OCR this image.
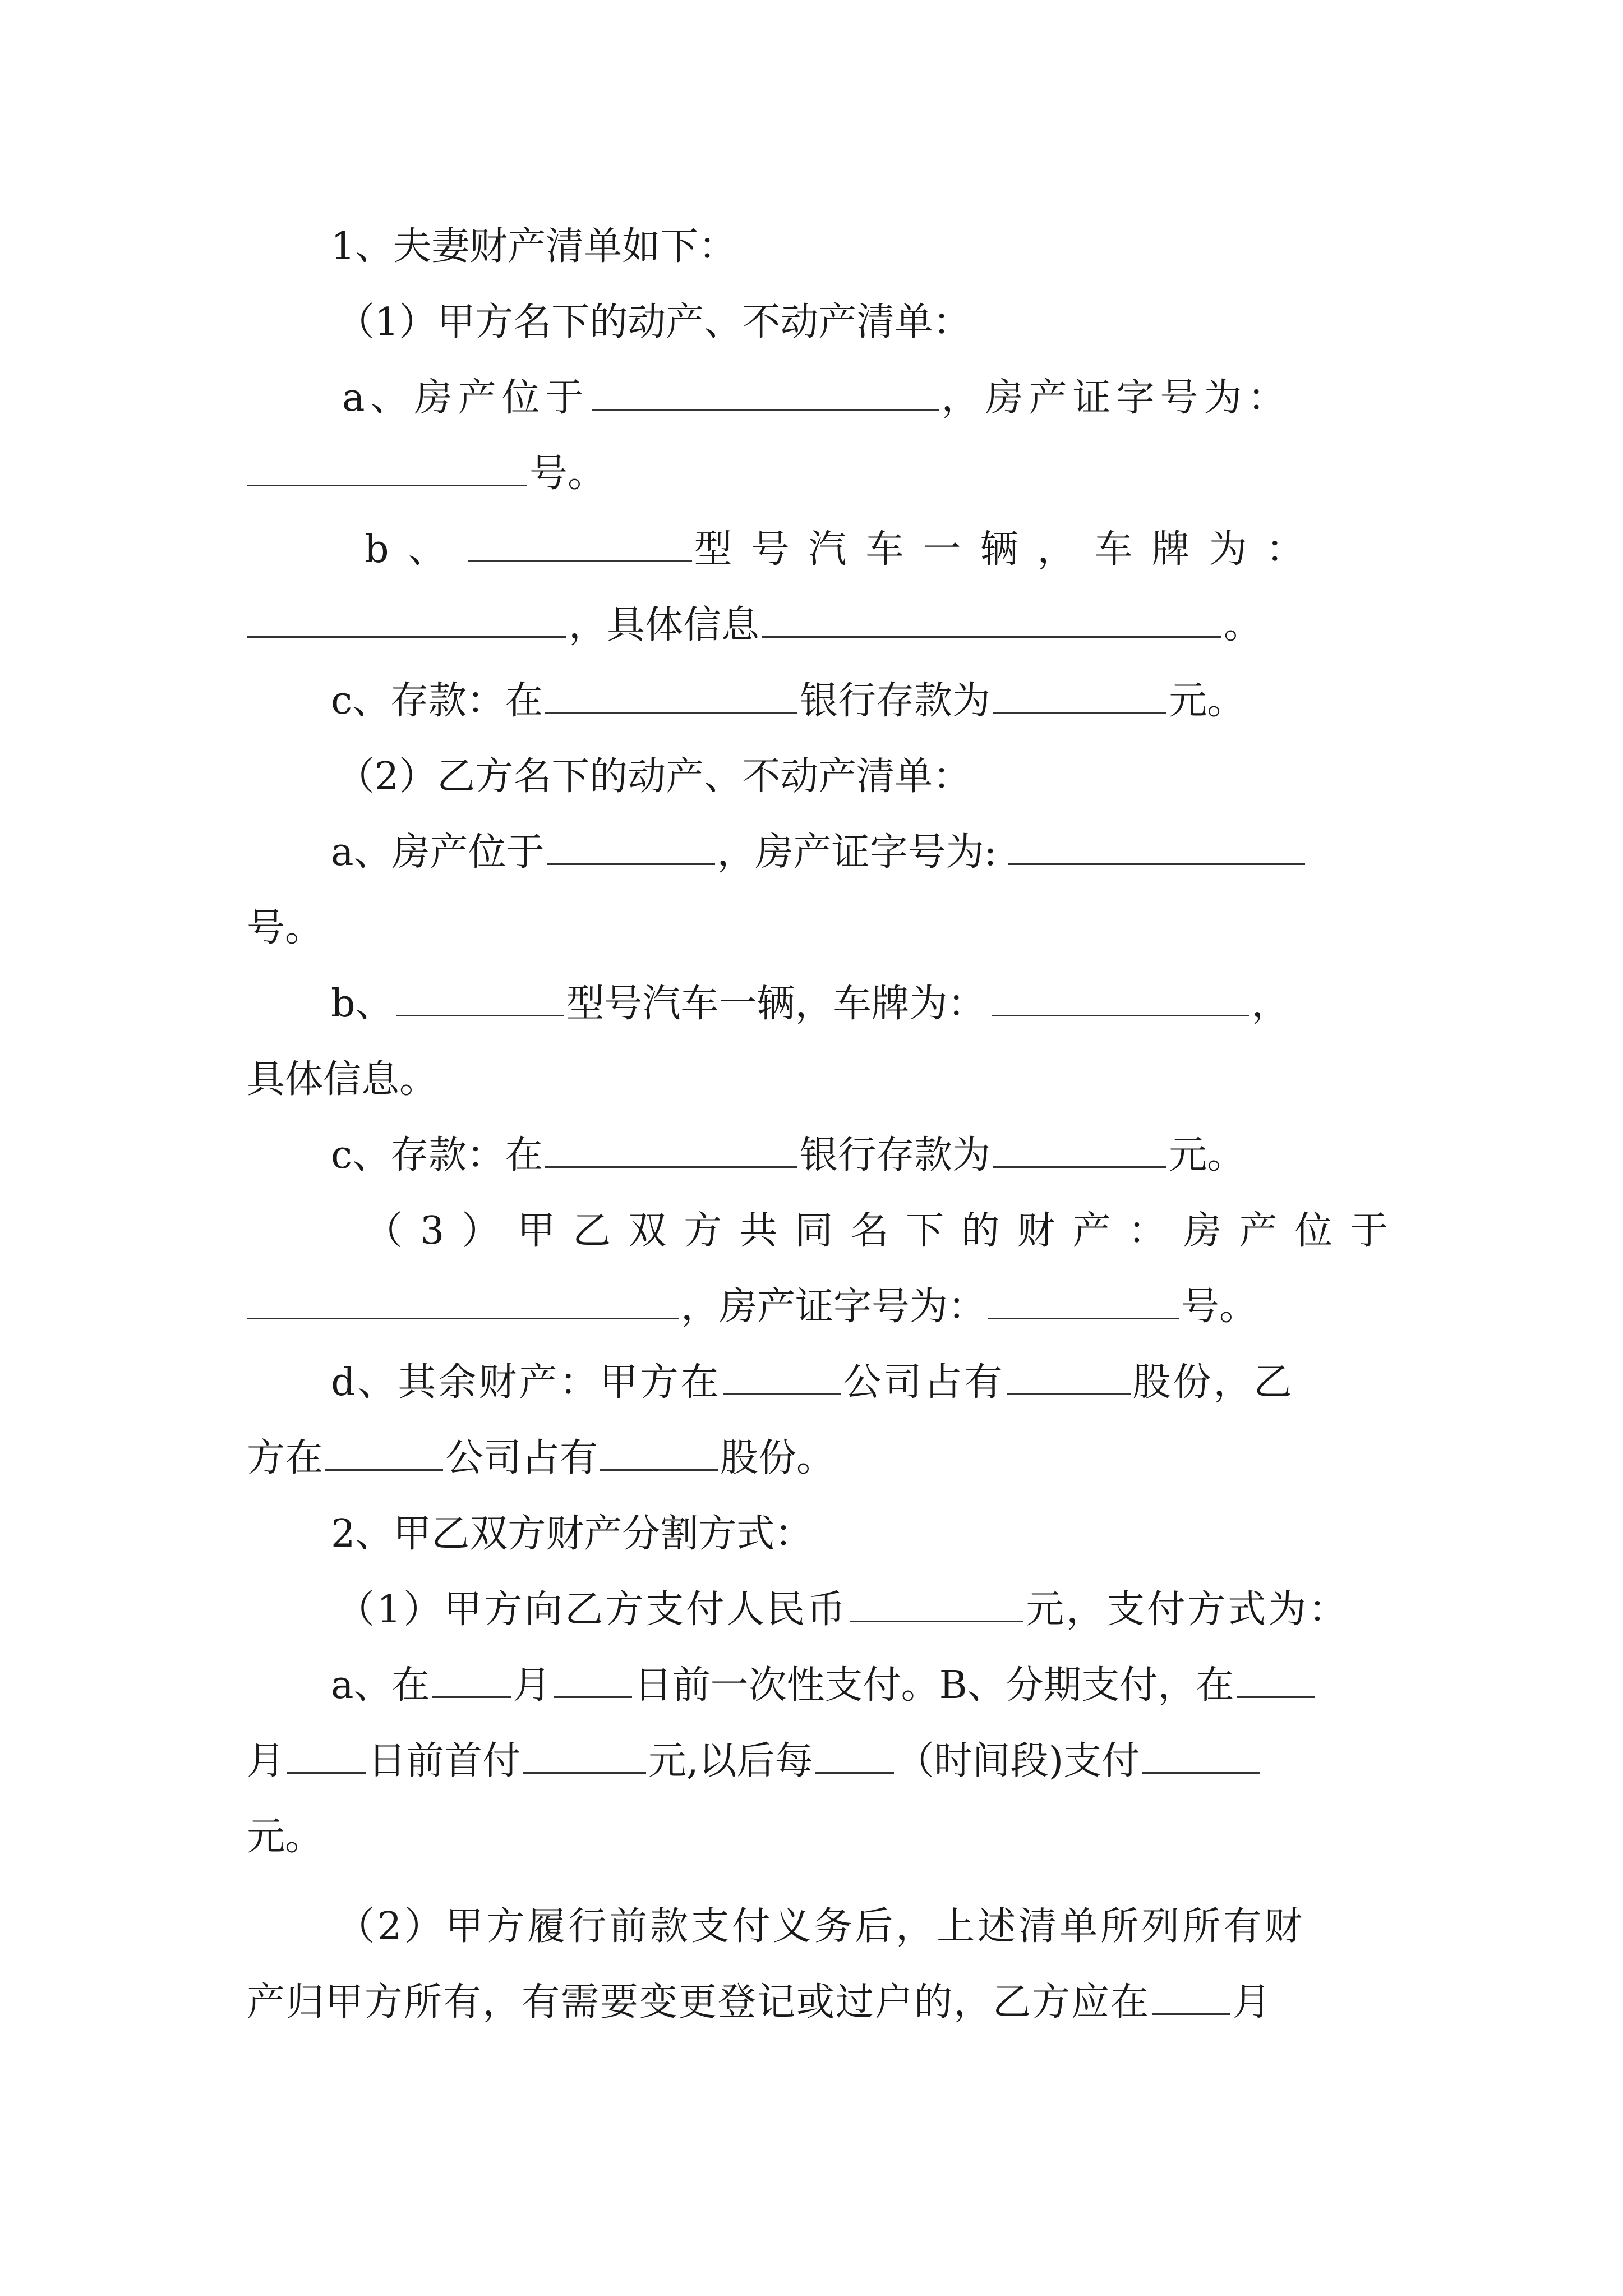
1、夫妻财产清单如下：
（1）甲方名下的动产、不动产清单：
a、房产位于	，房产证字号为：
号。
b、	型号汽车一辆，车牌为：
，具体信息	。
c、存款：在	银行存款为	元。
（2）乙方名下的动产、不动产清单：
a、房产位于	，房产证字号为:
号。
b、	型号汽车一辆，车牌为：	，
具体信息。
c、存款：在	银行存款为	元。
（3）甲乙双方共同名下的财产：房产位于
，房产证字号为：	号。
d、其余财产：甲方在	公司占有	股份，乙
方在	公司占有	股份。
2、甲乙双方财产分割方式：
（1）甲方向乙方支付人民币	元，支付方式为：
a、在 月 日前一次性支付。B、分期支付，在
月 日前首付	元,以后每 （时间段)支付
元。
（2）甲方履行前款支付义务后，上述清单所列所有财
产归甲方所有，有需要变更登记或过户的，乙方应在 月
